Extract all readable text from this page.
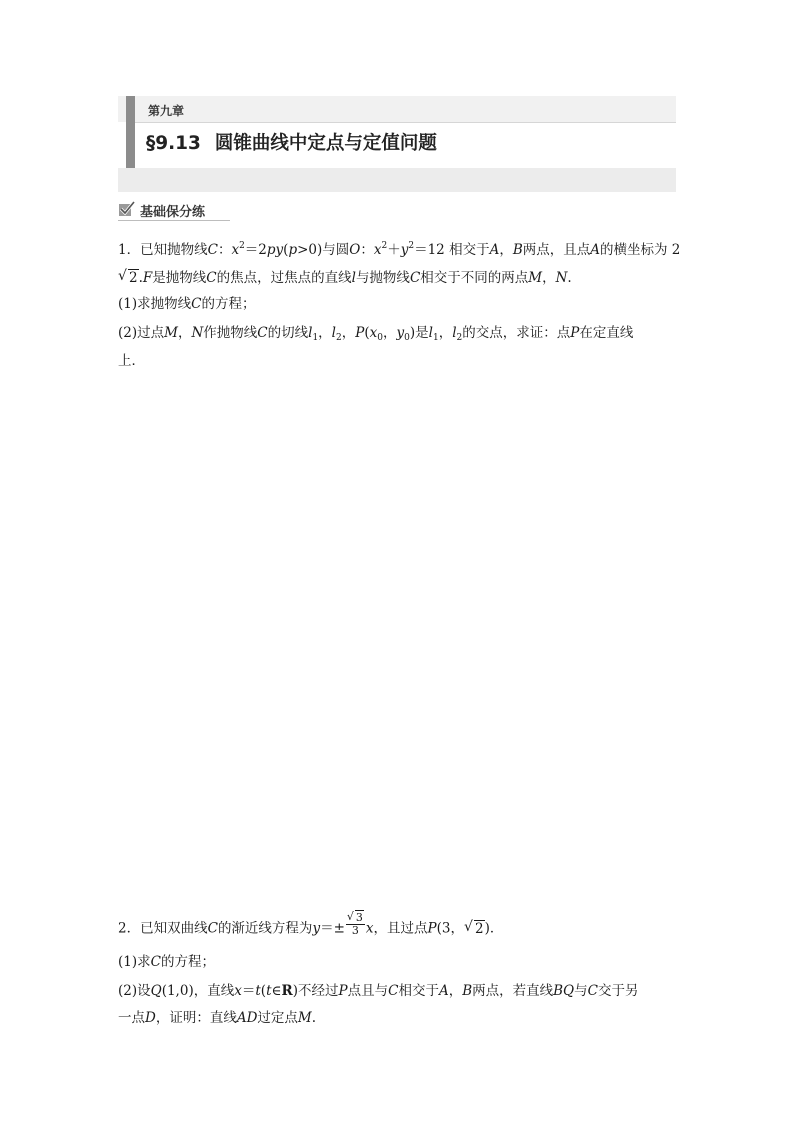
第九章
§9.13 圆锥曲线中定点与定值问题
基础保分练
1．已知抛物线C：$x^2=2py(p>0)$与圆O：$x^2+y^2=12$ 相交于A，B两点，且点A的横坐标为 2
√ 2.F是抛物线C的焦点，过焦点的直线l与抛物线C相交于不同的两点M，N.
(1)求抛物线C的方程；
(2)过点M，N作抛物线C的切线$l_1$，$l_2$，$P(x_0$，$y_0$)是$l_1$，$l_2$的交点，求证：点P在定直线
上．
2．已知双曲线C的渐近线方程为$y=\pm \frac{√ 3}{3}$ x，且过点P(3， √ 2)．
(1)求C的方程；
(2)设Q(1,0)，直线x＝t(t∈R)不经过P点且与C相交于A，B两点，若直线BQ与C交于另
一点D，证明：直线AD过定点M.
